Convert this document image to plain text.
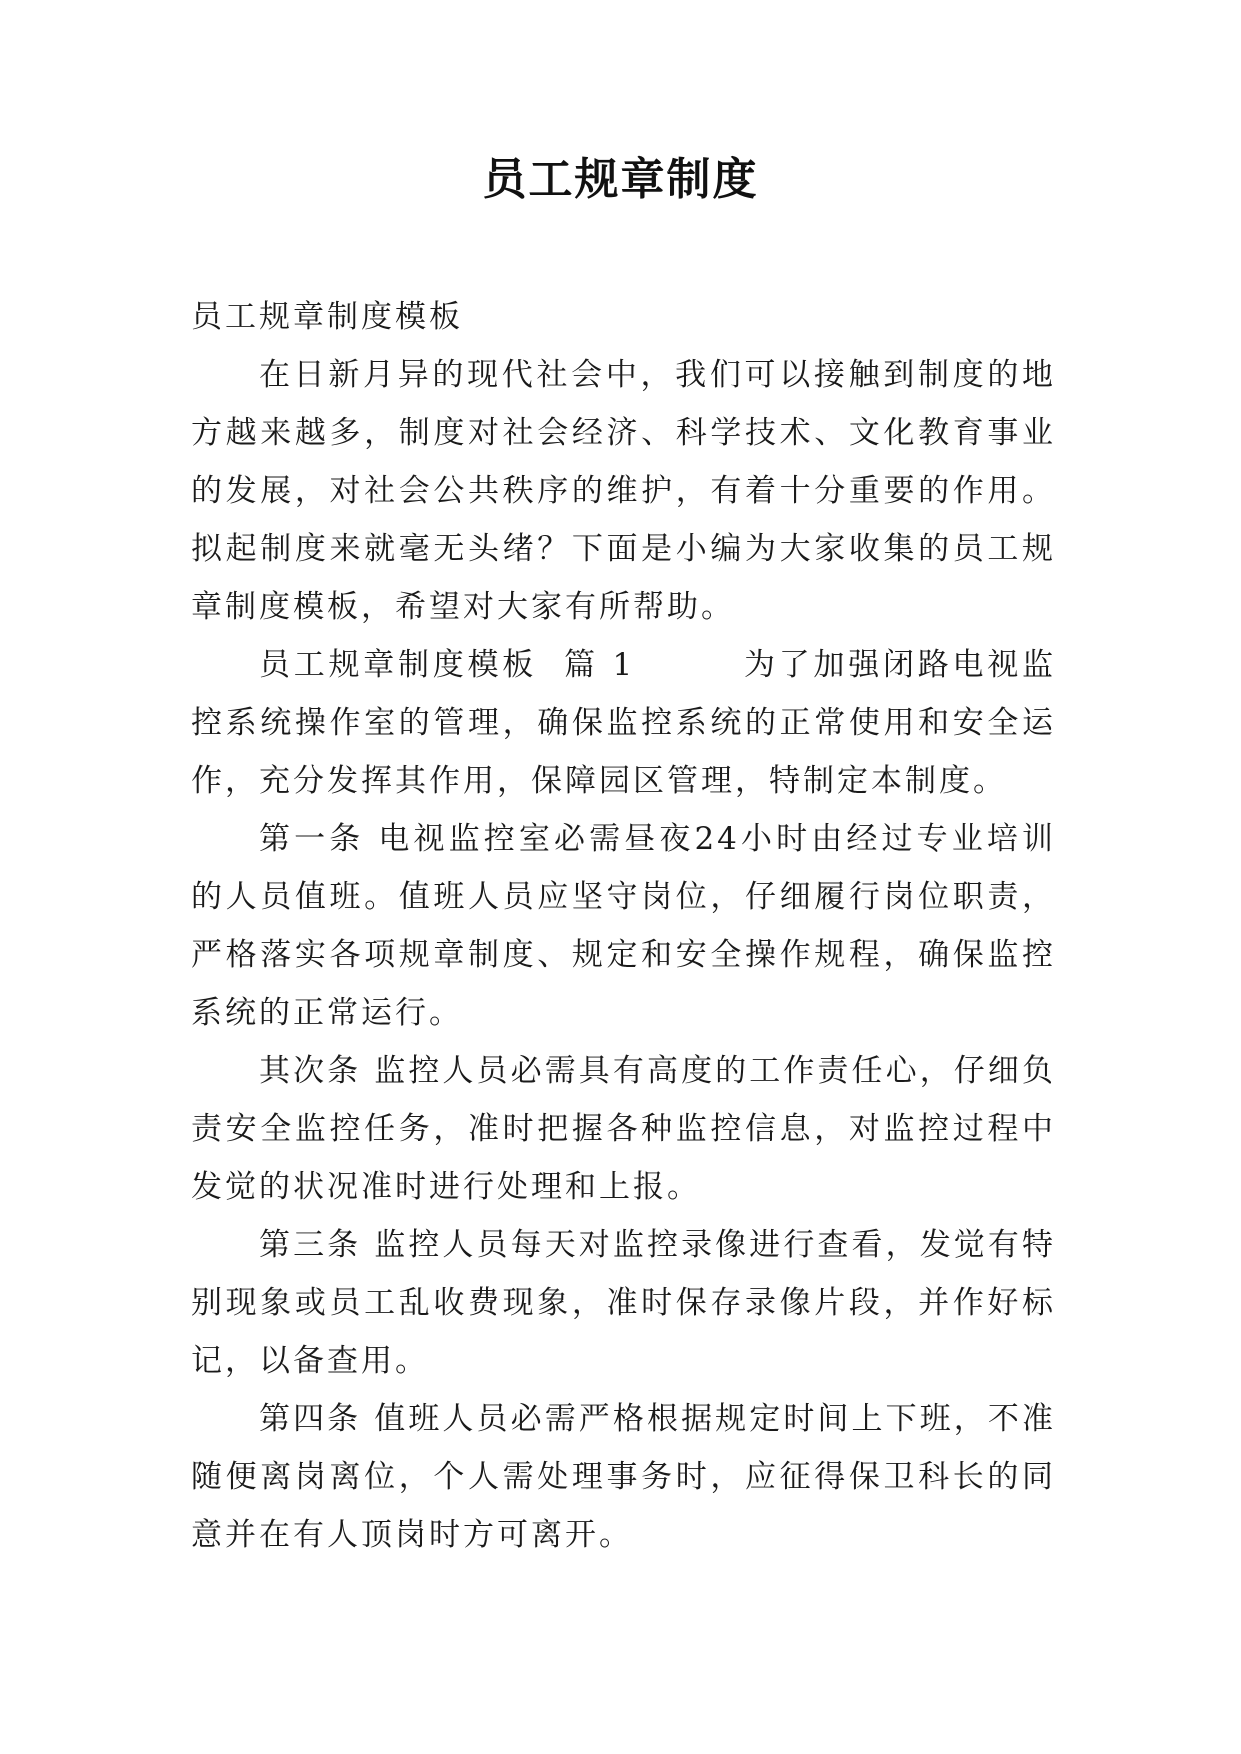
员工规章制度

员工规章制度模板

在日新月异的现代社会中，我们可以接触到制度的地方越来越多，制度对社会经济、科学技术、文化教育事业的发展，对社会公共秩序的维护，有着十分重要的作用。拟起制度来就毫无头绪？下面是小编为大家收集的员工规章制度模板，希望对大家有所帮助。

员工规章制度模板  篇 1        为了加强闭路电视监控系统操作室的管理，确保监控系统的正常使用和安全运作，充分发挥其作用，保障园区管理，特制定本制度。

第一条 电视监控室必需昼夜24小时由经过专业培训的人员值班。值班人员应坚守岗位，仔细履行岗位职责，严格落实各项规章制度、规定和安全操作规程，确保监控系统的正常运行。

其次条 监控人员必需具有高度的工作责任心，仔细负责安全监控任务，准时把握各种监控信息，对监控过程中发觉的状况准时进行处理和上报。

第三条 监控人员每天对监控录像进行查看，发觉有特别现象或员工乱收费现象，准时保存录像片段，并作好标记，以备查用。

第四条 值班人员必需严格根据规定时间上下班，不准随便离岗离位，个人需处理事务时，应征得保卫科长的同意并在有人顶岗时方可离开。
